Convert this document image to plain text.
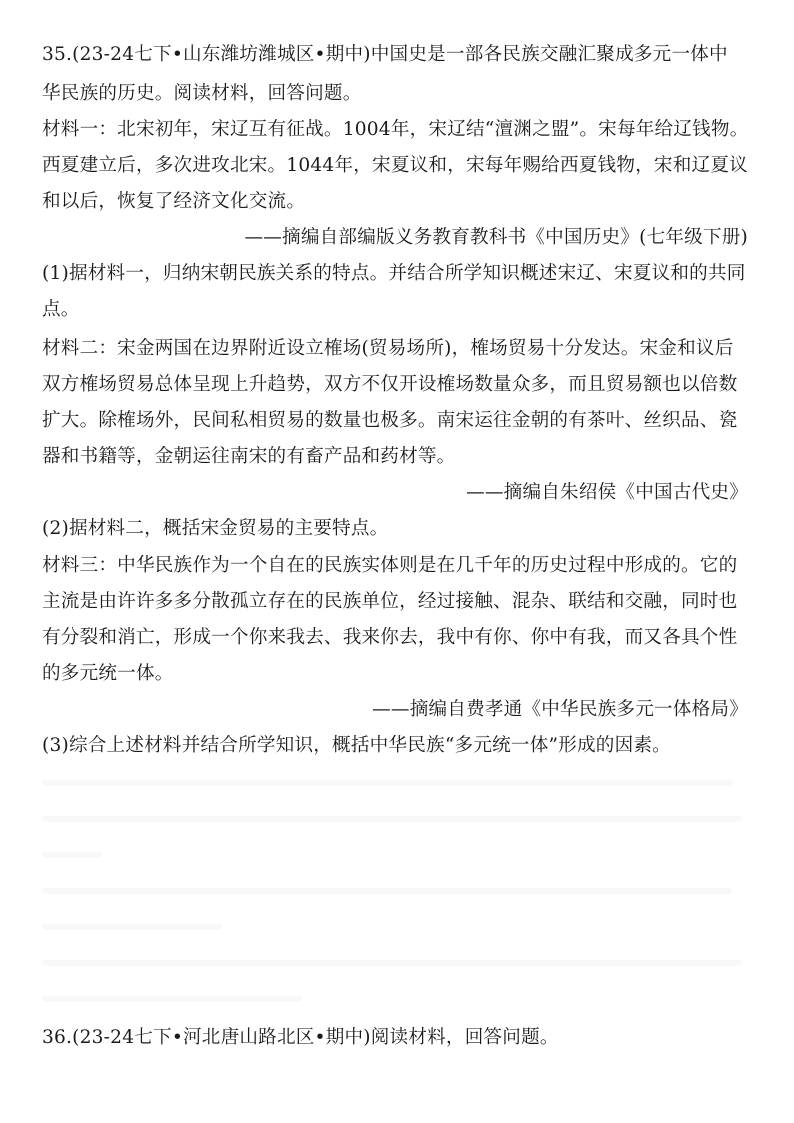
35.(23-24七下•山东潍坊潍城区•期中)中国史是一部各民族交融汇聚成多元一体中
华民族的历史。阅读材料，回答问题。
材料一：北宋初年，宋辽互有征战。1004年，宋辽结“澶渊之盟”。宋每年给辽钱物。
西夏建立后，多次进攻北宋。1044年，宋夏议和，宋每年赐给西夏钱物，宋和辽夏议
和以后，恢复了经济文化交流。
——摘编自部编版义务教育教科书《中国历史》(七年级下册)
(1)据材料一，归纳宋朝民族关系的特点。并结合所学知识概述宋辽、宋夏议和的共同
点。
材料二：宋金两国在边界附近设立榷场(贸易场所)，榷场贸易十分发达。宋金和议后
双方榷场贸易总体呈现上升趋势，双方不仅开设榷场数量众多，而且贸易额也以倍数
扩大。除榷场外，民间私相贸易的数量也极多。南宋运往金朝的有茶叶、丝织品、瓷
器和书籍等，金朝运往南宋的有畜产品和药材等。
——摘编自朱绍侯《中国古代史》
(2)据材料二，概括宋金贸易的主要特点。
材料三：中华民族作为一个自在的民族实体则是在几千年的历史过程中形成的。它的
主流是由许许多多分散孤立存在的民族单位，经过接触、混杂、联结和交融，同时也
有分裂和消亡，形成一个你来我去、我来你去，我中有你、你中有我，而又各具个性
的多元统一体。
——摘编自费孝通《中华民族多元一体格局》
(3)综合上述材料并结合所学知识，概括中华民族“多元统一体”形成的因素。
36.(23-24七下•河北唐山路北区•期中)阅读材料，回答问题。
